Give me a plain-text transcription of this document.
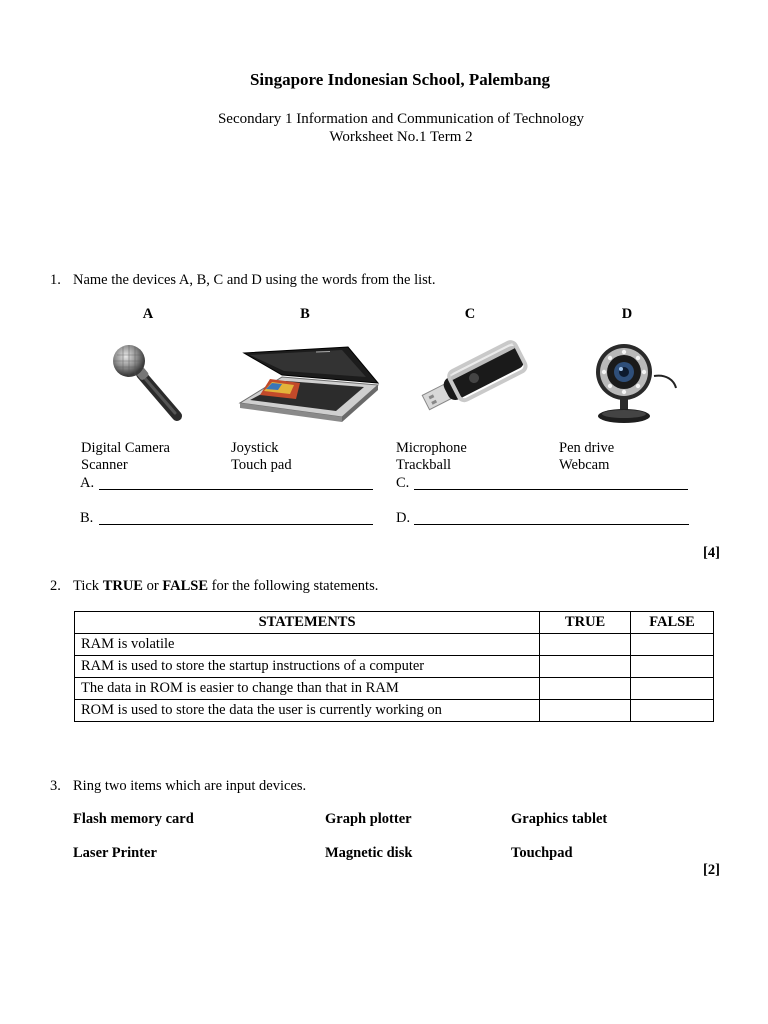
Singapore Indonesian School, Palembang
Secondary 1 Information and Communication of Technology
Worksheet No.1 Term 2
1. Name the devices A, B, C and D using the words from the list.
A	B	C	D
Digital Camera
Scanner
Joystick
Touch pad
Microphone
Trackball
Pen drive
Webcam
A.
B.
C.
D.
[4]
2. Tick TRUE or FALSE for the following statements.
STATEMENTS	TRUE	FALSE
RAM is volatile		
RAM is used to store the startup instructions of a computer		
The data in ROM is easier to change than that in RAM		
ROM is used to store the data the user is currently working on		
3. Ring two items which are input devices.
Flash memory card	Graph plotter	Graphics tablet
Laser Printer	Magnetic disk	Touchpad
[2]
